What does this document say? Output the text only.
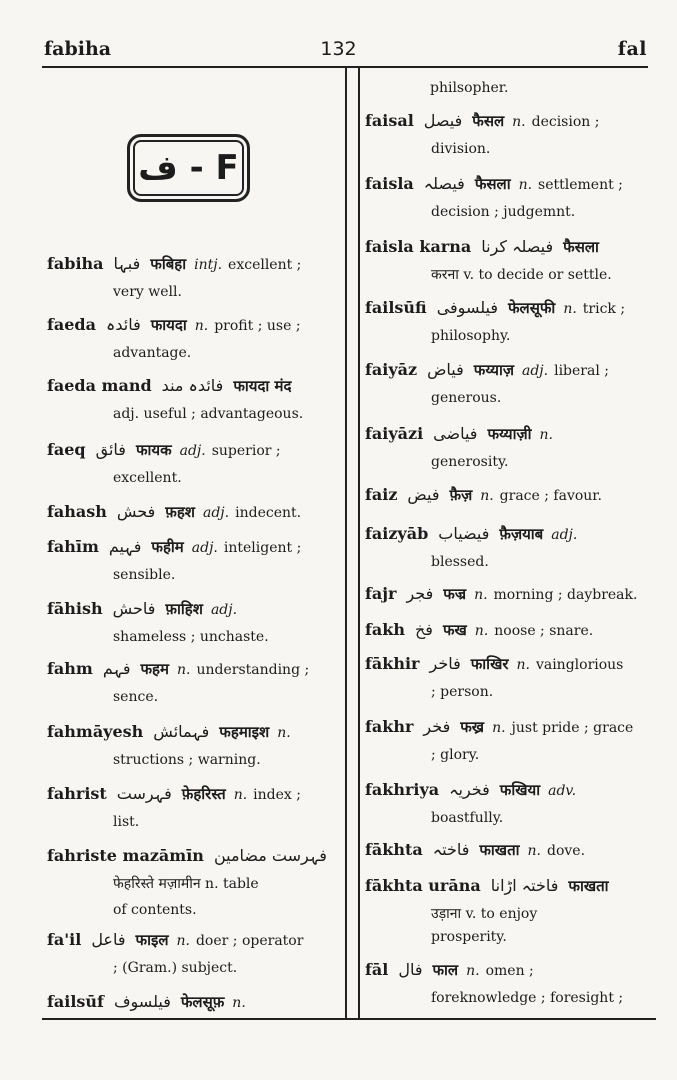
fabiha	132	fal
ف - F
philsopher.
fabiha فبہا फबिहा intj. excellent ;
very well.
faeda فائدہ फायदा n. profit ; use ;
advantage.
faeda mand فائدہ مند फायदा मंद
adj. useful ; advantageous.
faeq فائق फायक adj. superior ;
excellent.
fahash فحش फ़हश adj. indecent.
fahīm فہیم फहीम adj. inteligent ;
sensible.
fāhish فاحش फ़ाहिश adj.
shameless ; unchaste.
fahm فہم फहम n. understanding ;
sence.
fahmāyesh فہمائش फहमाइश n.
structions ; warning.
fahrist فہرست फ़ेहरिस्त n. index ;
list.
fahriste mazāmīn فہرست مضامین
फेहरिस्ते मज़ामीन n. table
fa'il فاعل फाइल n. doer ; operator
; (Gram.) subject.
failsūf فیلسوف फेलसूफ़ n.
of contents.
faisal فیصل फैसल n. decision ;
division.
faisla فیصلہ फैसला n. settlement ;
decision ; judgemnt.
faisla karna فیصلہ کرنا फैसला
करना v. to decide or settle.
failsūfi فیلسوفی फेलसूफी n. trick ;
philosophy.
faiyāz فیاض फय्याज़ adj. liberal ;
generous.
faiyāzi فیاضی फय्याज़ी n.
generosity.
faiz فیض फ़ैज़ n. grace ; favour.
faizyāb فیضیاب फ़ैज़याब adj.
blessed.
fajr فجر फज्र n. morning ; daybreak.
fakh فخ फख n. noose ; snare.
fākhir فاخر फाखिर n. vainglorious
; person.
fakhr فخر फख्र n. just pride ; grace
; glory.
fakhriya فخریہ फखिया adv.
boastfully.
fākhta فاختہ फाखता n. dove.
fākhta urāna فاختہ اڑانا फाखता
उड़ाना v. to enjoy
fāl فال फाल n. omen ;
foreknowledge ; foresight ;
prosperity.
